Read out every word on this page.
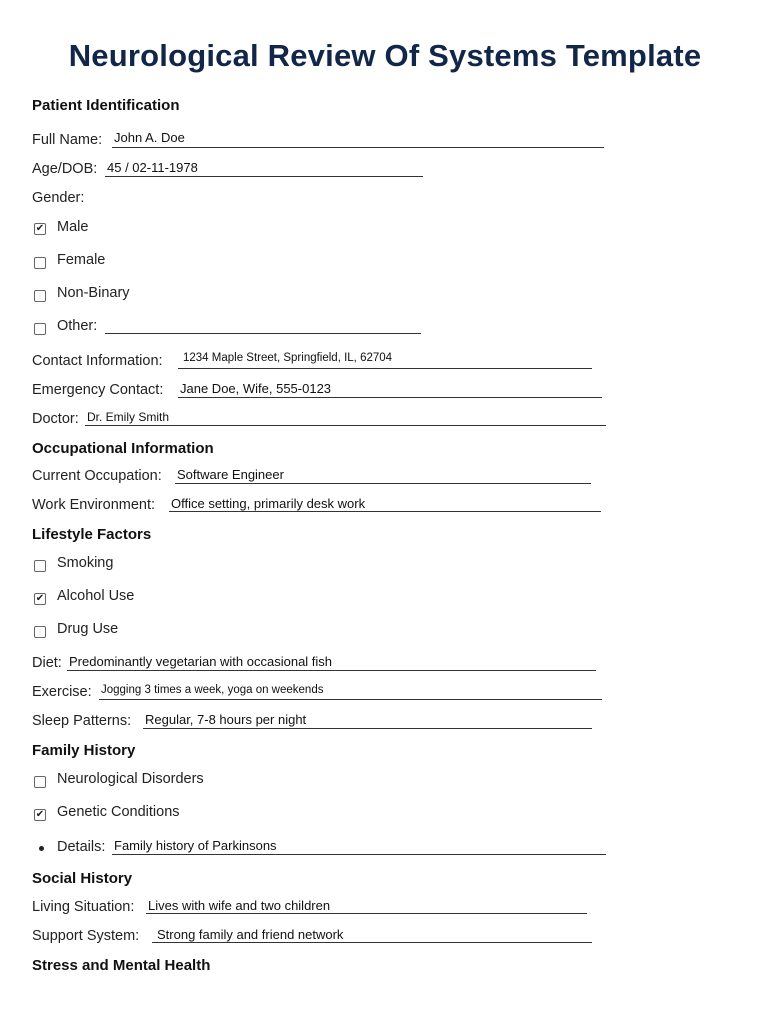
Neurological Review Of Systems Template
Patient Identification
Full Name: John A. Doe
Age/DOB: 45 / 02-11-1978
Gender:
✔ Male
Female
Non-Binary
Other:
Contact Information: 1234 Maple Street, Springfield, IL, 62704
Emergency Contact: Jane Doe, Wife, 555-0123
Doctor: Dr. Emily Smith
Occupational Information
Current Occupation: Software Engineer
Work Environment: Office setting, primarily desk work
Lifestyle Factors
Smoking
✔ Alcohol Use
Drug Use
Diet: Predominantly vegetarian with occasional fish
Exercise: Jogging 3 times a week, yoga on weekends
Sleep Patterns: Regular, 7-8 hours per night
Family History
Neurological Disorders
✔ Genetic Conditions
Details: Family history of Parkinsons
Social History
Living Situation: Lives with wife and two children
Support System: Strong family and friend network
Stress and Mental Health
